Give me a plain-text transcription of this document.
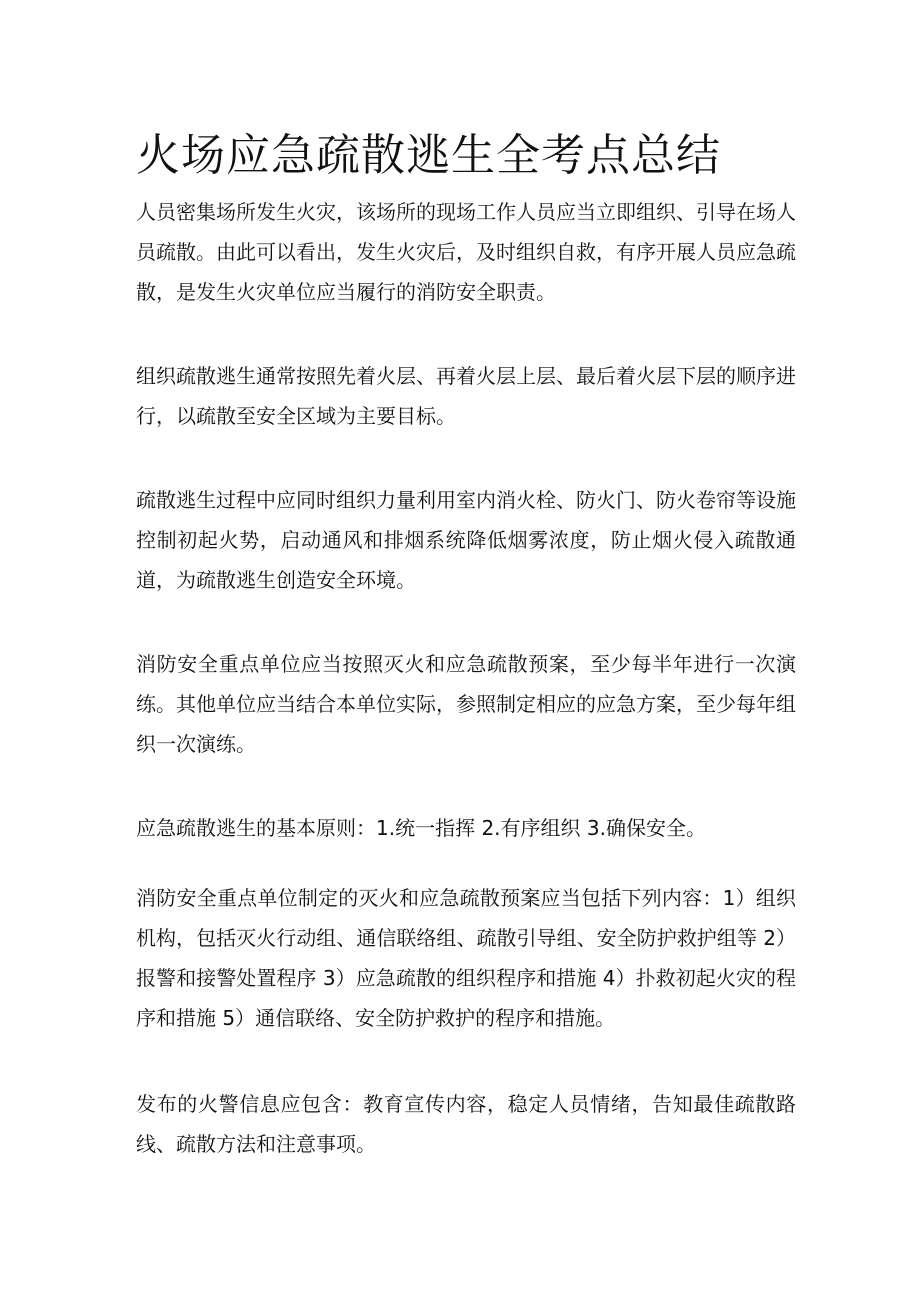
火场应急疏散逃生全考点总结

人员密集场所发生火灾，该场所的现场工作人员应当立即组织、引导在场人员疏散。由此可以看出，发生火灾后，及时组织自救，有序开展人员应急疏散，是发生火灾单位应当履行的消防安全职责。

组织疏散逃生通常按照先着火层、再着火层上层、最后着火层下层的顺序进行，以疏散至安全区域为主要目标。

疏散逃生过程中应同时组织力量利用室内消火栓、防火门、防火卷帘等设施控制初起火势，启动通风和排烟系统降低烟雾浓度，防止烟火侵入疏散通道，为疏散逃生创造安全环境。

消防安全重点单位应当按照灭火和应急疏散预案，至少每半年进行一次演练。其他单位应当结合本单位实际，参照制定相应的应急方案，至少每年组织一次演练。

应急疏散逃生的基本原则：1.统一指挥 2.有序组织 3.确保安全。

消防安全重点单位制定的灭火和应急疏散预案应当包括下列内容：1）组织机构，包括灭火行动组、通信联络组、疏散引导组、安全防护救护组等 2）报警和接警处置程序 3）应急疏散的组织程序和措施 4）扑救初起火灾的程序和措施 5）通信联络、安全防护救护的程序和措施。

发布的火警信息应包含：教育宣传内容，稳定人员情绪，告知最佳疏散路线、疏散方法和注意事项。
